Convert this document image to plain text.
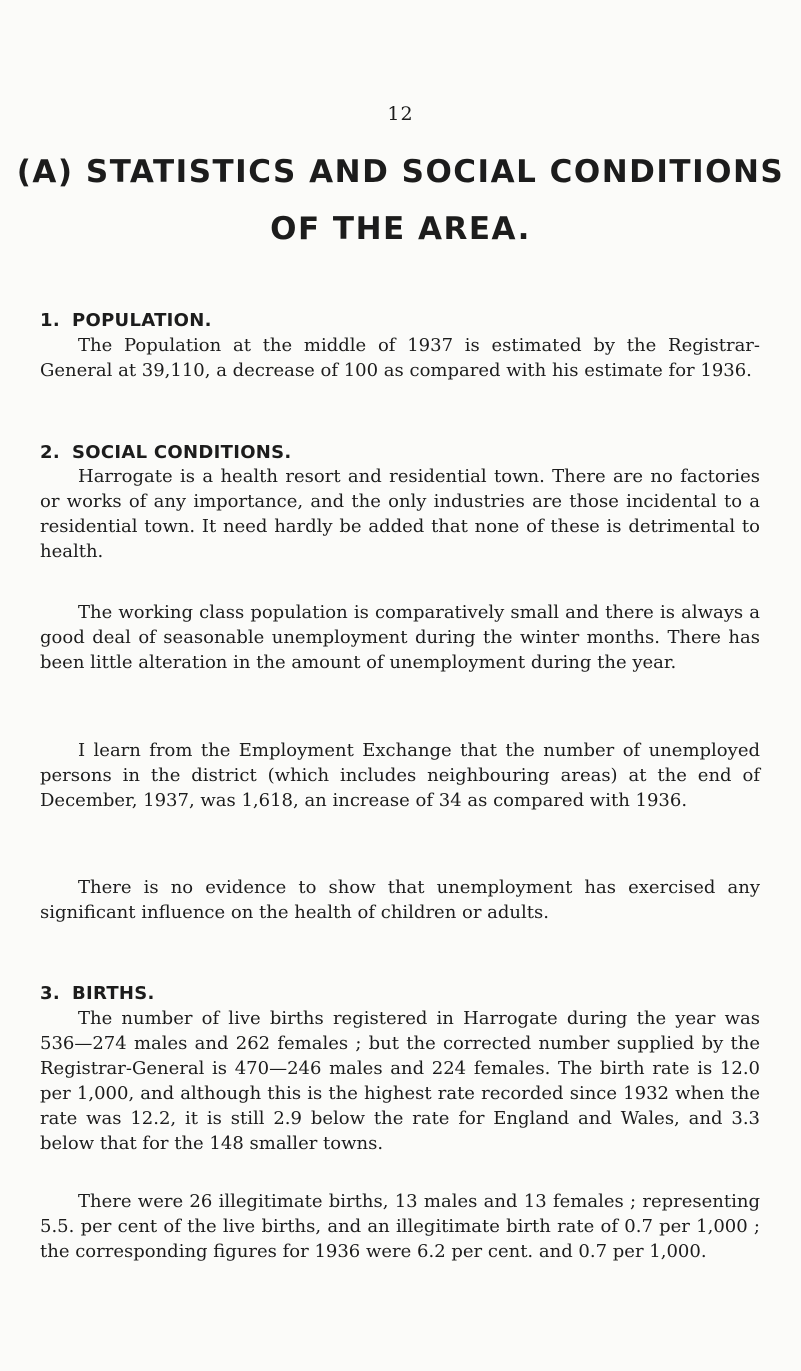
12
(A) STATISTICS AND SOCIAL CONDITIONS
OF THE AREA.
1. POPULATION.

The Population at the middle of 1937 is estimated by the Registrar-General at 39,110, a decrease of 100 as compared with his estimate for 1936.

2. SOCIAL CONDITIONS.

Harrogate is a health resort and residential town. There are no factories or works of any importance, and the only industries are those incidental to a residential town. It need hardly be added that none of these is detrimental to health.

The working class population is comparatively small and there is always a good deal of seasonable unemployment during the winter months. There has been little alteration in the amount of unemployment during the year.

I learn from the Employment Exchange that the number of unemployed persons in the district (which includes neighbouring areas) at the end of December, 1937, was 1,618, an increase of 34 as compared with 1936.

There is no evidence to show that unemployment has exercised any significant influence on the health of children or adults.

3. BIRTHS.

The number of live births registered in Harrogate during the year was 536—274 males and 262 females ; but the corrected number supplied by the Registrar-General is 470—246 males and 224 females. The birth rate is 12.0 per 1,000, and although this is the highest rate recorded since 1932 when the rate was 12.2, it is still 2.9 below the rate for England and Wales, and 3.3 below that for the 148 smaller towns.

There were 26 illegitimate births, 13 males and 13 females ; representing 5.5. per cent of the live births, and an illegitimate birth rate of 0.7 per 1,000 ; the corresponding figures for 1936 were 6.2 per cent. and 0.7 per 1,000.
